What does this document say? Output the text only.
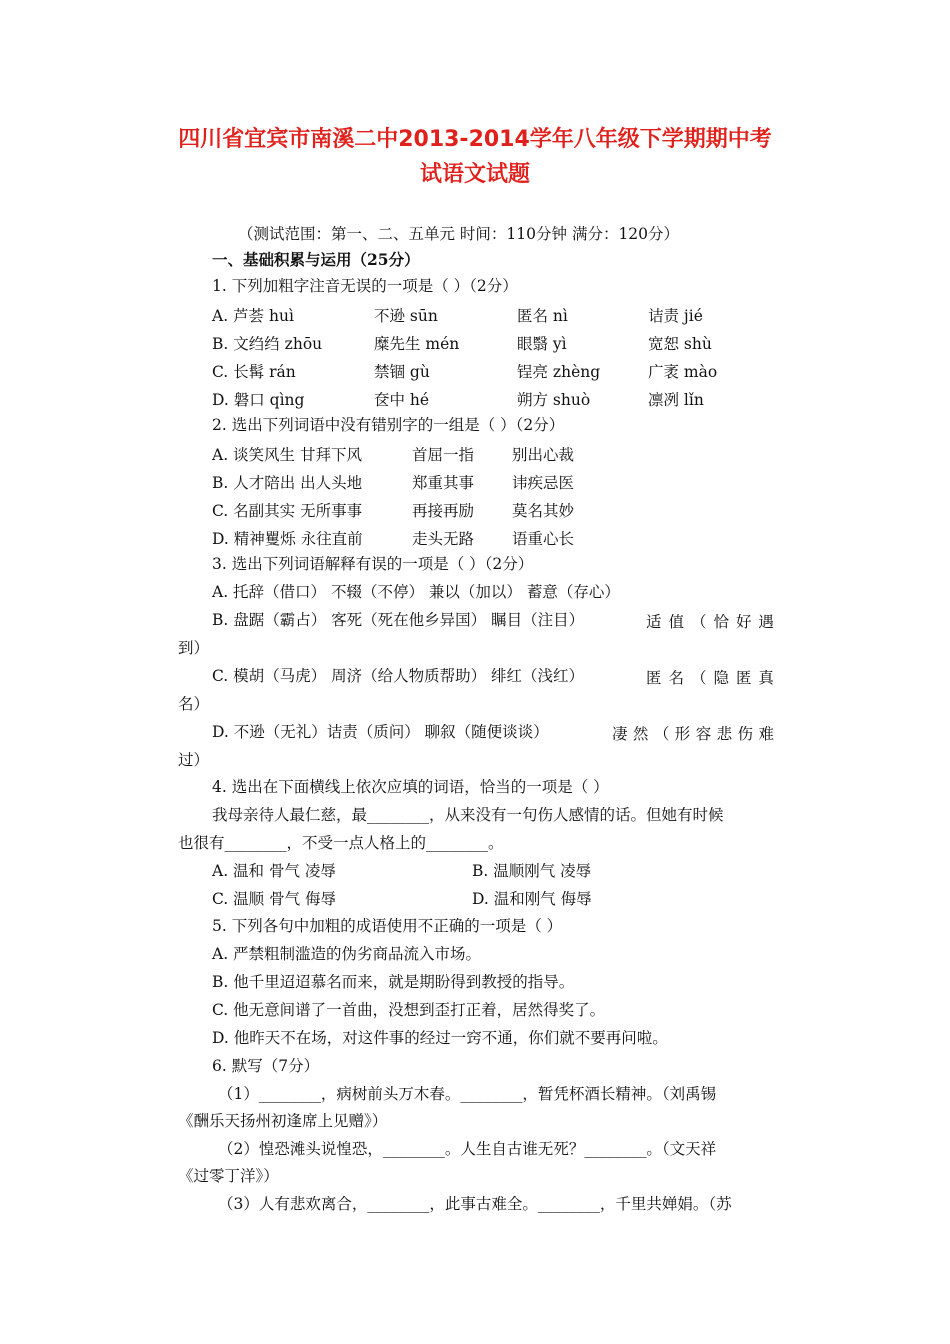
四川省宜宾市南溪二中2013-2014学年八年级下学期期中考
试语文试题
（测试范围：第一、二、五单元 时间：110分钟 满分：120分）
一、基础积累与运用（25分）
1. 下列加粗字注音无误的一项是（ ）（2分）
A. 芦荟 huì	不逊 sūn	匿名 nì	诘责 jié
B. 文绉绉 zhōu	糜先生 mén	眼翳 yì	宽恕 shù
C. 长髯 rán	禁锢 gù	锃亮 zhèng	广袤 mào
D. 磐口 qìng	奁中 hé	朔方 shuò	凛冽 lǐn
2. 选出下列词语中没有错别字的一组是（ ）（2分）
A. 谈笑风生 甘拜下风	首屈一指 别出心裁
B. 人才陪出 出人头地	郑重其事 讳疾忌医
C. 名副其实 无所事事	再接再励 莫名其妙
D. 精神矍烁 永往直前	走头无路 语重心长
3. 选出下列词语解释有误的一项是（ ）（2分）
A. 托辞（借口） 不辍（不停） 兼以（加以） 蓄意（存心）
B. 盘踞（霸占） 客死（死在他乡异国） 瞩目（注目）	适 值 （ 恰 好 遇
到）
C. 模胡（马虎） 周济（给人物质帮助） 绯红（浅红）	匿 名 （ 隐 匿 真
名）
D. 不逊（无礼）诘责（质问） 聊叙（随便谈谈）	凄 然 （ 形 容 悲 伤 难
过）
4. 选出在下面横线上依次应填的词语，恰当的一项是（ ）
我母亲待人最仁慈，最________，从来没有一句伤人感情的话。但她有时候
也很有________，不受一点人格上的________。
A. 温和 骨气 凌辱	B. 温顺刚气 凌辱
C. 温顺 骨气 侮辱	D. 温和刚气 侮辱
5. 下列各句中加粗的成语使用不正确的一项是（ ）
A. 严禁粗制滥造的伪劣商品流入市场。
B. 他千里迢迢慕名而来，就是期盼得到教授的指导。
C. 他无意间谱了一首曲，没想到歪打正着，居然得奖了。
D. 他昨天不在场，对这件事的经过一窍不通，你们就不要再问啦。
6. 默写（7分）
（1）________，病树前头万木春。________，暂凭杯酒长精神。（刘禹锡
《酬乐天扬州初逢席上见赠》）
（2）惶恐滩头说惶恐，________。人生自古谁无死？________。（文天祥
《过零丁洋》）
（3）人有悲欢离合，________，此事古难全。________，千里共婵娟。（苏
